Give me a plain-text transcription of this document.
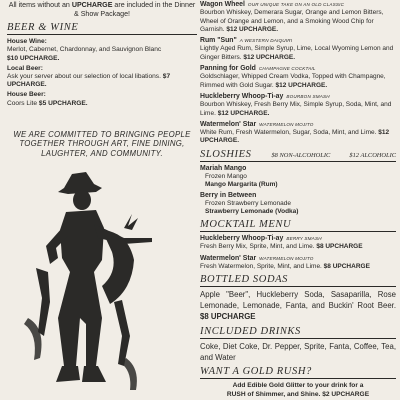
All items without an UPCHARGE are included in the Dinner & Show Package!
BEER & WINE
House Wine:
Merlot, Cabernet, Chardonnay, and Sauvignon Blanc
$10 UPCHARGE.
Local Beer:
Ask your server about our selection of local libations. $7 UPCHARGE.
House Beer:
Coors Lite $5 UPCHARGE.
WE ARE COMMITTED TO BRINGING PEOPLE TOGETHER THROUGH ART, FINE DINING, LAUGHTER, AND COMMUNITY.
Wagon Wheel OUR UNIQUE TAKE ON AN OLD CLASSIC
Bourbon Whiskey, Demerara Sugar, Orange and Lemon Bitters, Wheel of Orange and Lemon, and a Smoking Wood Chip for Garnish. $12 UPCHARGE.
Rum "Sun" A WESTERN DAIQUIRI
Lightly Aged Rum, Simple Syrup, Lime, Local Wyoming Lemon and Ginger Bitters. $12 UPCHARGE.
Panning for Gold CHAMPAGNE COCKTAIL
Goldschlager, Whipped Cream Vodka, Topped with Champagne, Rimmed with Gold Sugar. $12 UPCHARGE.
Huckleberry Whoop-Ti-ay BOURBON SMASH
Bourbon Whiskey, Fresh Berry Mix, Simple Syrup, Soda, Mint, and Lime. $12 UPCHARGE.
Watermelon' Star WATERMELON MOJITO
White Rum, Fresh Watermelon, Sugar, Soda, Mint, and Lime. $12 UPCHARGE.
SLOSHIES	$8 NON-ALCOHOLIC	$12 ALCOHOLIC
Mariah Mango
Frozen Mango
Mango Margarita (Rum)
Berry in Between
Frozen Strawberry Lemonade
Strawberry Lemonade (Vodka)
MOCKTAIL MENU
Huckleberry Whoop-Ti-ay BERRY SMASH
Fresh Berry Mix, Sprite, Mint, and Lime. $8 UPCHARGE
Watermelon' Star WATERMELON MOJITO
Fresh Watermelon, Sprite, Mint, and Lime. $8 UPCHARGE
BOTTLED SODAS
Apple "Beer", Huckleberry Soda, Sasaparilla, Rose Lemonade, Lemonade, Fanta, and Buckin' Root Beer. $8 UPCHARGE
INCLUDED DRINKS
Coke, Diet Coke, Dr. Pepper, Sprite, Fanta, Coffee, Tea, and Water
WANT A GOLD RUSH?
Add Edible Gold Glitter to your drink for a
RUSH of Shimmer, and Shine. $2 UPCHARGE
